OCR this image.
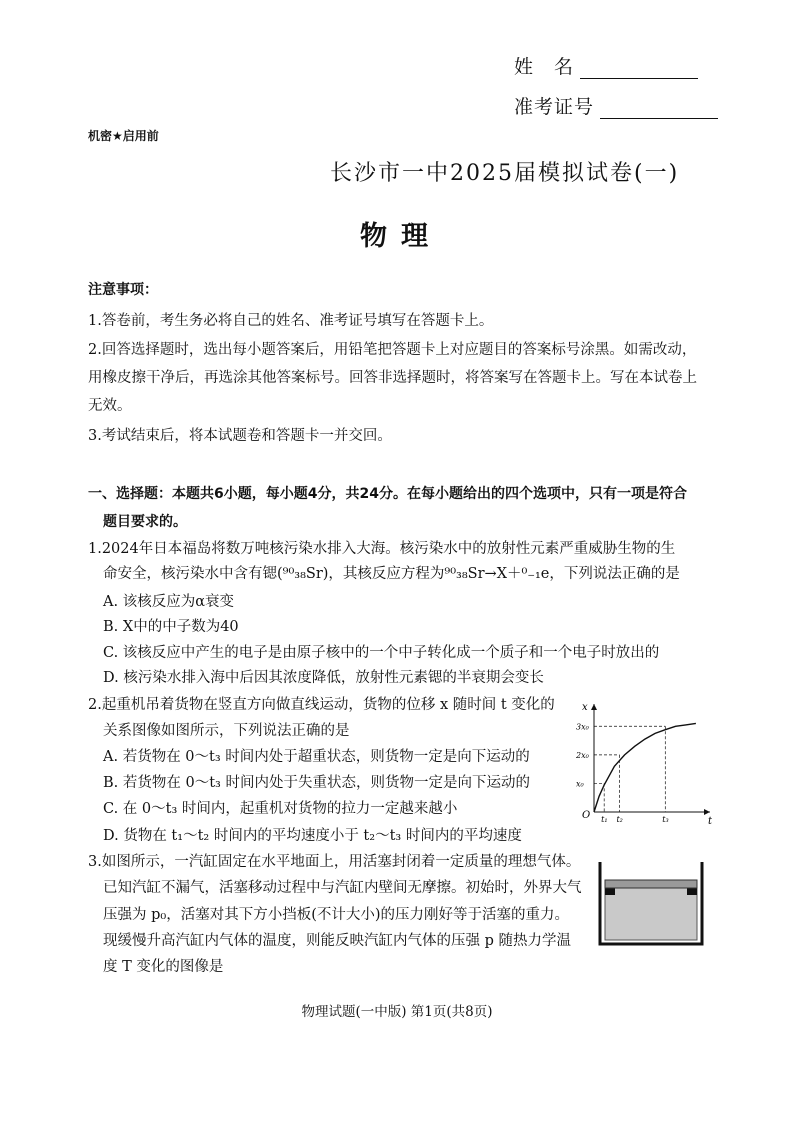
姓　名
准考证号
机密★启用前
长沙市一中2025届模拟试卷(一)
物理
注意事项：
1.答卷前，考生务必将自己的姓名、准考证号填写在答题卡上。
2.回答选择题时，选出每小题答案后，用铅笔把答题卡上对应题目的答案标号涂黑。如需改动，
用橡皮擦干净后，再选涂其他答案标号。回答非选择题时，将答案写在答题卡上。写在本试卷上
无效。
3.考试结束后，将本试题卷和答题卡一并交回。
一、选择题：本题共6小题，每小题4分，共24分。在每小题给出的四个选项中，只有一项是符合
题目要求的。
1.2024年日本福岛将数万吨核污染水排入大海。核污染水中的放射性元素严重威胁生物的生
命安全，核污染水中含有锶(⁹⁰₃₈Sr)，其核反应方程为⁹⁰₃₈Sr→X＋⁰₋₁e，下列说法正确的是
A. 该核反应为α衰变
B. X中的中子数为40
C. 该核反应中产生的电子是由原子核中的一个中子转化成一个质子和一个电子时放出的
D. 核污染水排入海中后因其浓度降低，放射性元素锶的半衰期会变长
2.起重机吊着货物在竖直方向做直线运动，货物的位移 x 随时间 t 变化的
关系图像如图所示，下列说法正确的是
A. 若货物在 0～t₃ 时间内处于超重状态，则货物一定是向下运动的
B. 若货物在 0～t₃ 时间内处于失重状态，则货物一定是向下运动的
C. 在 0～t₃ 时间内，起重机对货物的拉力一定越来越小
D. 货物在 t₁～t₂ 时间内的平均速度小于 t₂～t₃ 时间内的平均速度
t
x
O
x₀
2x₀
3x₀
t₁ t₂	t₃
3.如图所示，一汽缸固定在水平地面上，用活塞封闭着一定质量的理想气体。
已知汽缸不漏气，活塞移动过程中与汽缸内壁间无摩擦。初始时，外界大气
压强为 p₀，活塞对其下方小挡板(不计大小)的压力刚好等于活塞的重力。
现缓慢升高汽缸内气体的温度，则能反映汽缸内气体的压强 p 随热力学温
度 T 变化的图像是
物理试题(一中版) 第1页(共8页)
